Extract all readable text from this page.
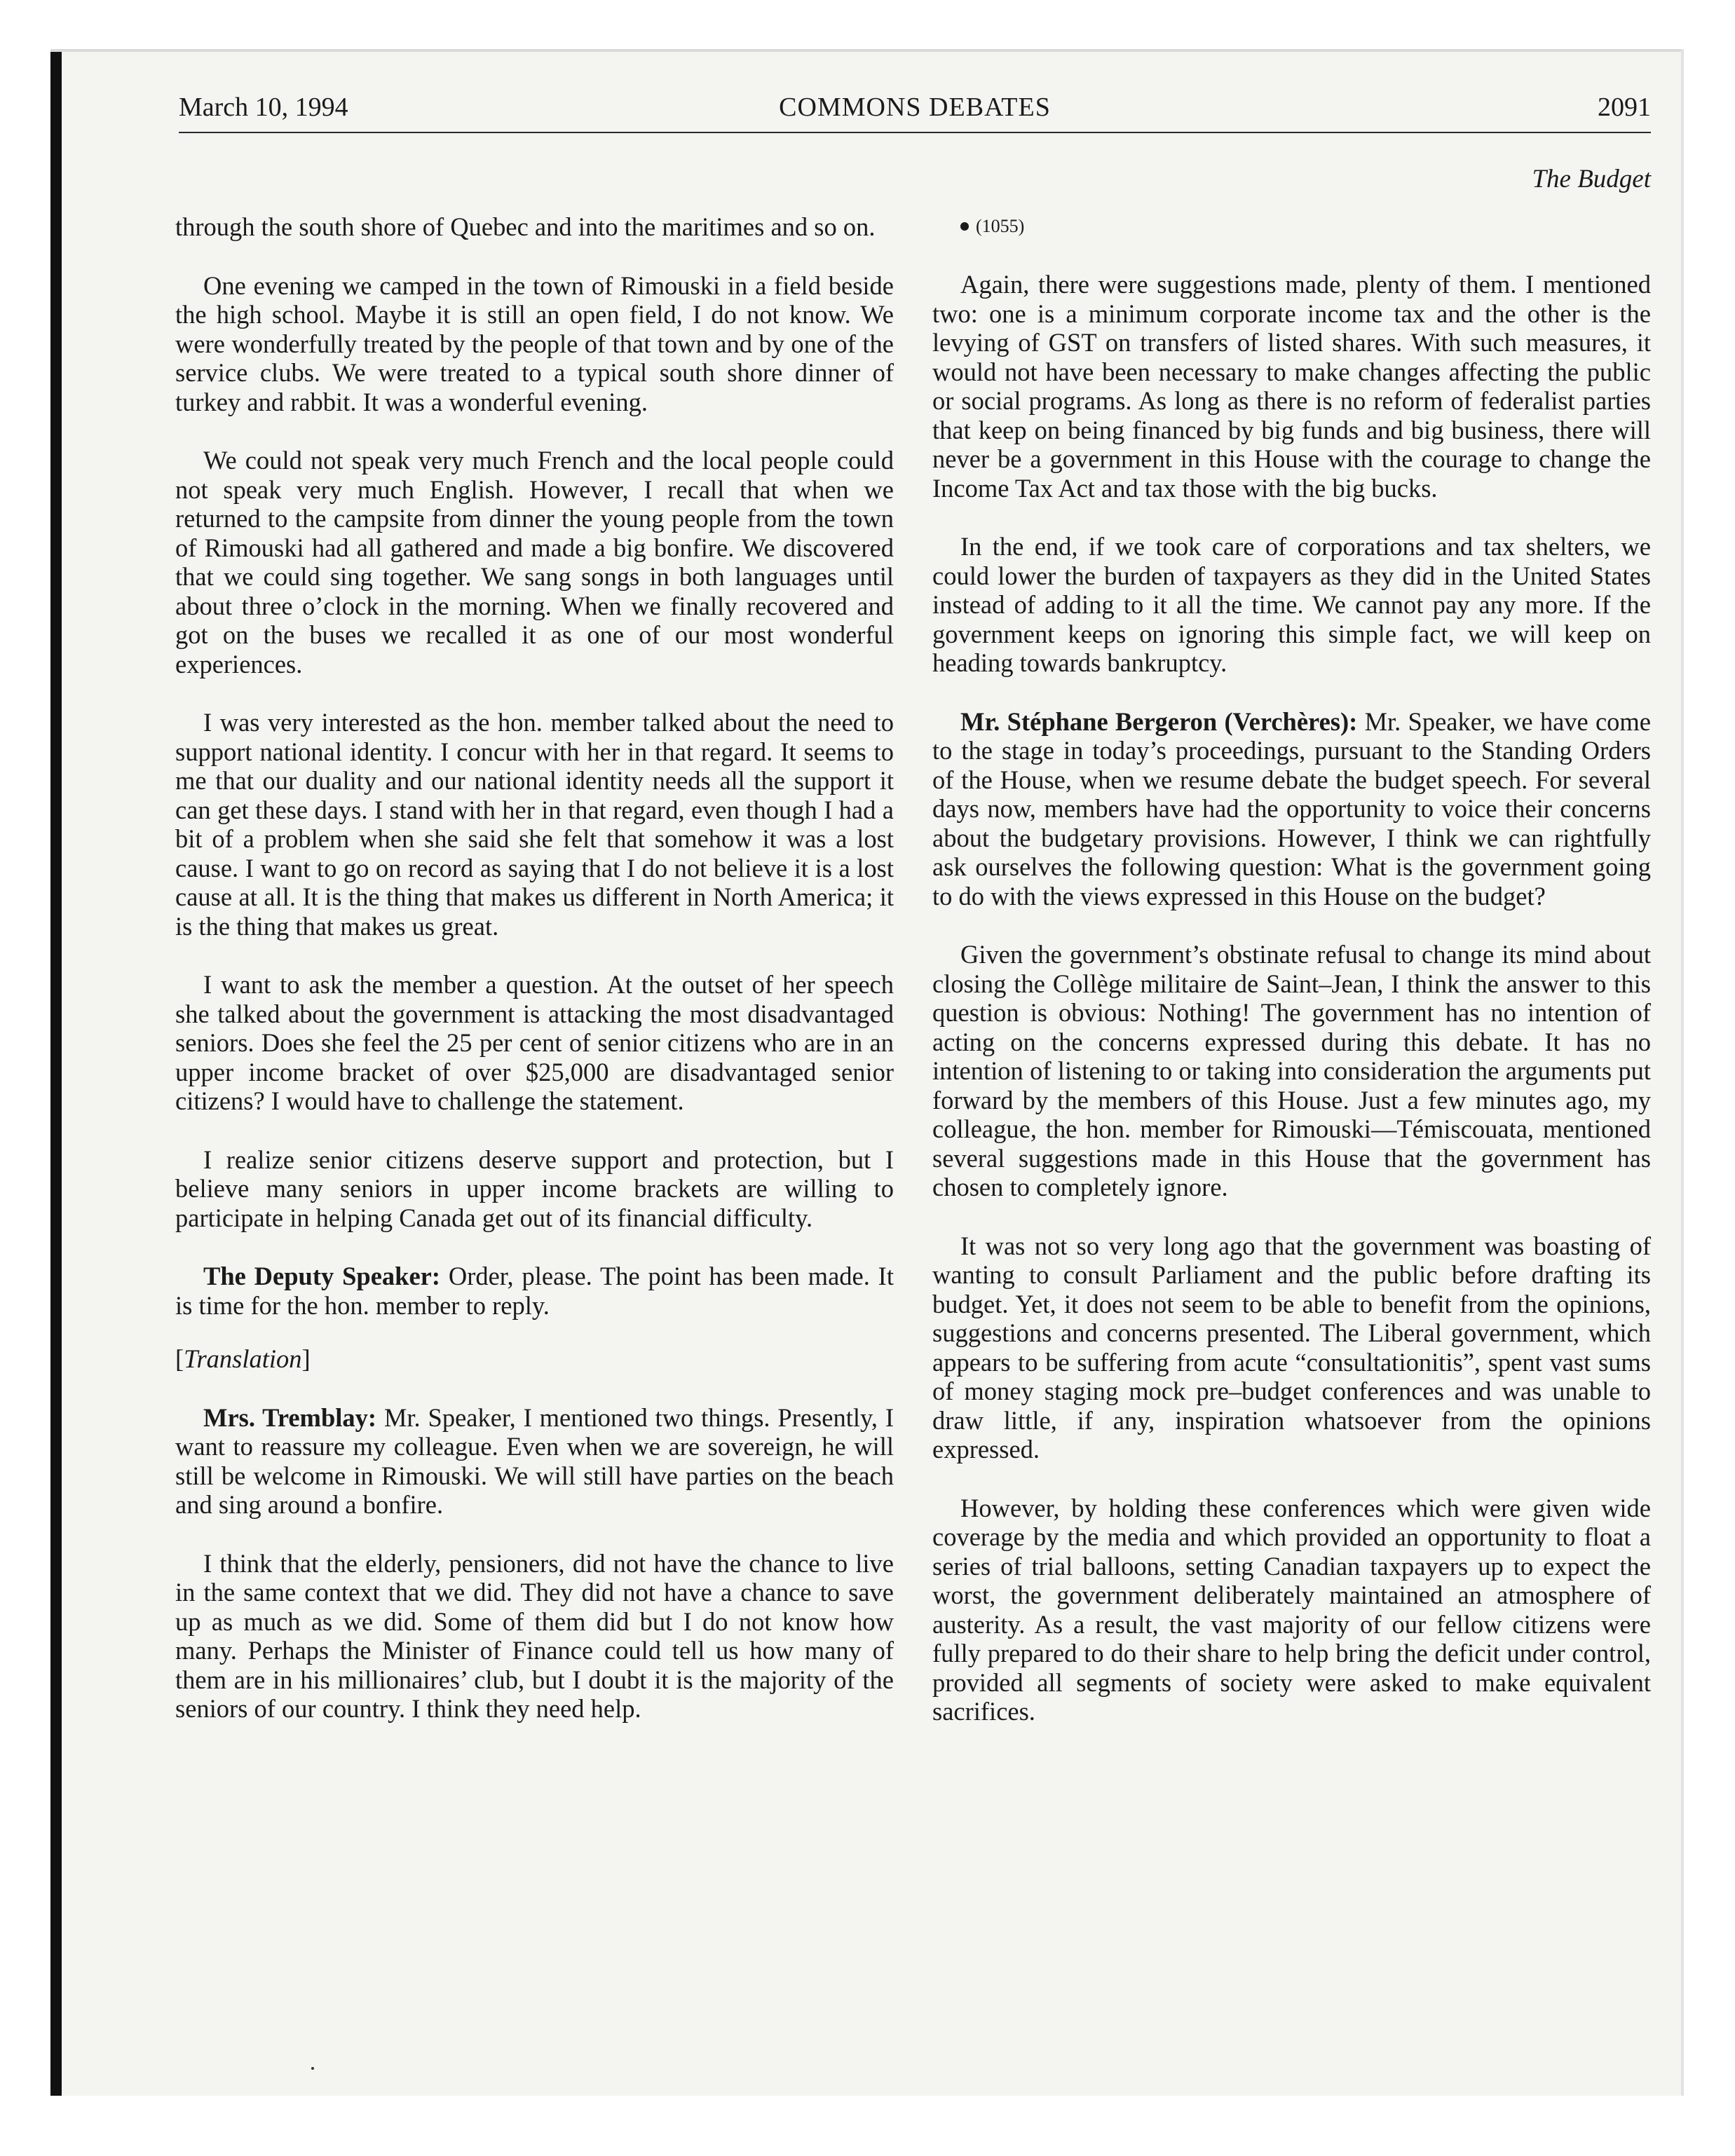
March 10, 1994	COMMONS DEBATES	2091
The Budget

through the south shore of Quebec and into the maritimes and so on.

One evening we camped in the town of Rimouski in a field beside the high school. Maybe it is still an open field, I do not know. We were wonderfully treated by the people of that town and by one of the service clubs. We were treated to a typical south shore dinner of turkey and rabbit. It was a wonderful evening.

We could not speak very much French and the local people could not speak very much English. However, I recall that when we returned to the campsite from dinner the young people from the town of Rimouski had all gathered and made a big bonfire. We discovered that we could sing together. We sang songs in both languages until about three o’clock in the morning. When we finally recovered and got on the buses we recalled it as one of our most wonderful experiences.

I was very interested as the hon. member talked about the need to support national identity. I concur with her in that regard. It seems to me that our duality and our national identity needs all the support it can get these days. I stand with her in that regard, even though I had a bit of a problem when she said she felt that somehow it was a lost cause. I want to go on record as saying that I do not believe it is a lost cause at all. It is the thing that makes us different in North America; it is the thing that makes us great.

I want to ask the member a question. At the outset of her speech she talked about the government is attacking the most disadvantaged seniors. Does she feel the 25 per cent of senior citizens who are in an upper income bracket of over $25,000 are disadvantaged senior citizens? I would have to challenge the statement.

I realize senior citizens deserve support and protection, but I believe many seniors in upper income brackets are willing to participate in helping Canada get out of its financial difficulty.

The Deputy Speaker: Order, please. The point has been made. It is time for the hon. member to reply.

[Translation]

Mrs. Tremblay: Mr. Speaker, I mentioned two things. Presently, I want to reassure my colleague. Even when we are sovereign, he will still be welcome in Rimouski. We will still have parties on the beach and sing around a bonfire.

I think that the elderly, pensioners, did not have the chance to live in the same context that we did. They did not have a chance to save up as much as we did. Some of them did but I do not know how many. Perhaps the Minister of Finance could tell us how many of them are in his millionaires’ club, but I doubt it is the majority of the seniors of our country. I think they need help.

(1055)

Again, there were suggestions made, plenty of them. I mentioned two: one is a minimum corporate income tax and the other is the levying of GST on transfers of listed shares. With such measures, it would not have been necessary to make changes affecting the public or social programs. As long as there is no reform of federalist parties that keep on being financed by big funds and big business, there will never be a government in this House with the courage to change the Income Tax Act and tax those with the big bucks.

In the end, if we took care of corporations and tax shelters, we could lower the burden of taxpayers as they did in the United States instead of adding to it all the time. We cannot pay any more. If the government keeps on ignoring this simple fact, we will keep on heading towards bankruptcy.

Mr. Stéphane Bergeron (Verchères): Mr. Speaker, we have come to the stage in today’s proceedings, pursuant to the Standing Orders of the House, when we resume debate the budget speech. For several days now, members have had the opportunity to voice their concerns about the budgetary provisions. However, I think we can rightfully ask ourselves the following question: What is the government going to do with the views expressed in this House on the budget?

Given the government’s obstinate refusal to change its mind about closing the Collège militaire de Saint–Jean, I think the answer to this question is obvious: Nothing! The government has no intention of acting on the concerns expressed during this debate. It has no intention of listening to or taking into consideration the arguments put forward by the members of this House. Just a few minutes ago, my colleague, the hon. member for Rimouski—Témiscouata, mentioned several suggestions made in this House that the government has chosen to completely ignore.

It was not so very long ago that the government was boasting of wanting to consult Parliament and the public before drafting its budget. Yet, it does not seem to be able to benefit from the opinions, suggestions and concerns presented. The Liberal government, which appears to be suffering from acute “consultationitis”, spent vast sums of money staging mock pre–budget conferences and was unable to draw little, if any, inspiration whatsoever from the opinions expressed.

However, by holding these conferences which were given wide coverage by the media and which provided an opportunity to float a series of trial balloons, setting Canadian taxpayers up to expect the worst, the government deliberately maintained an atmosphere of austerity. As a result, the vast majority of our fellow citizens were fully prepared to do their share to help bring the deficit under control, provided all segments of society were asked to make equivalent sacrifices.
